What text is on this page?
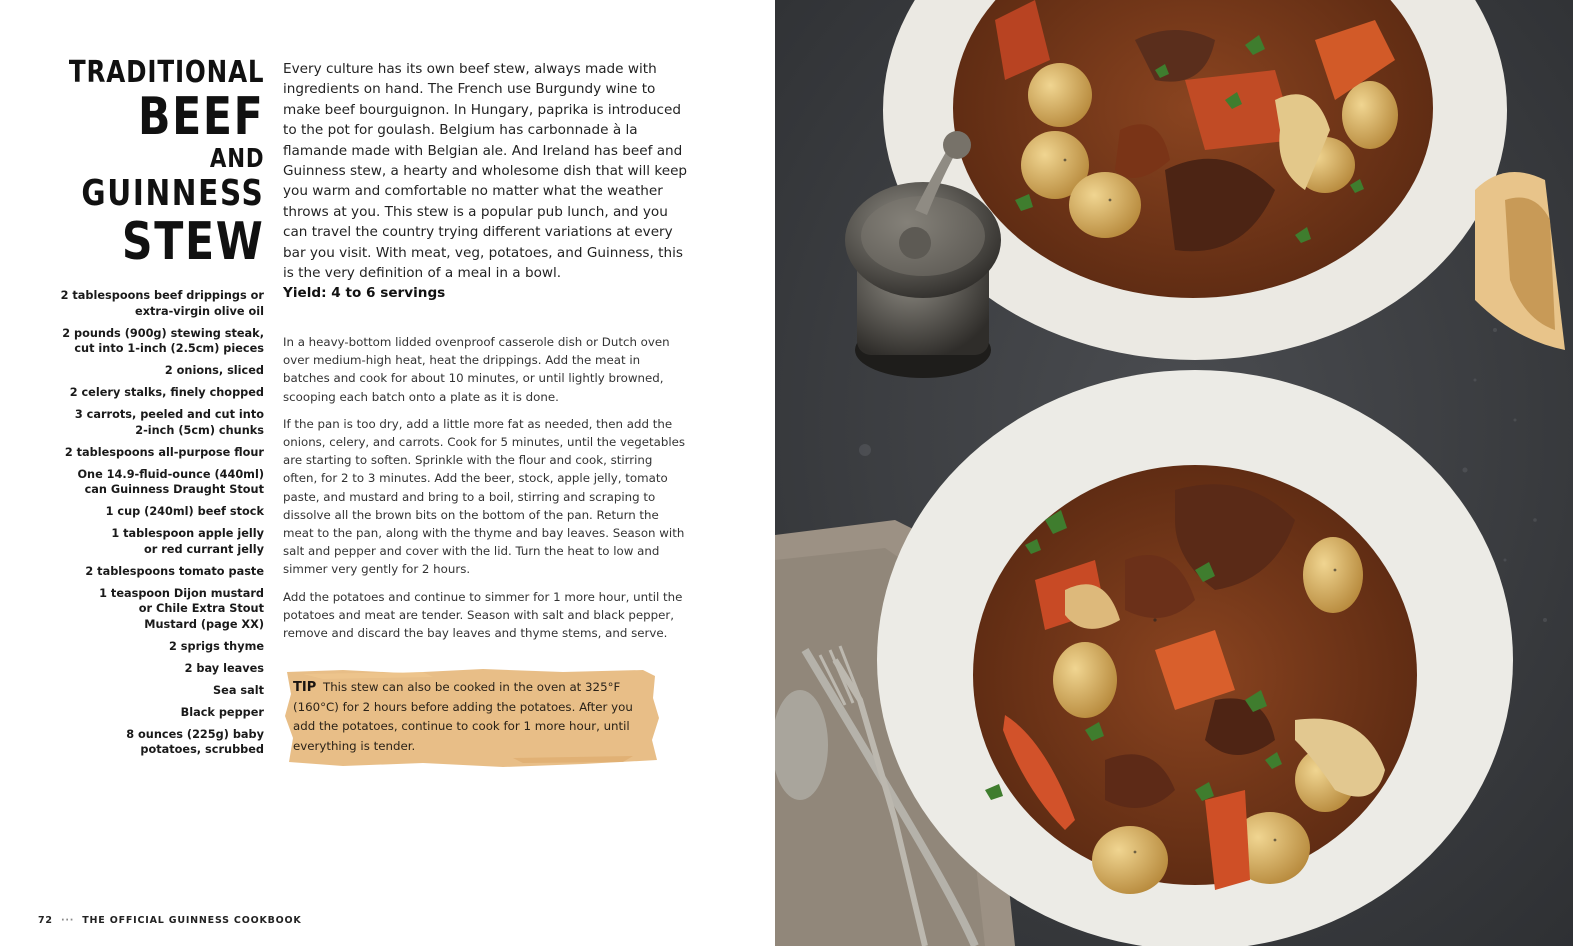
TRADITIONAL
BEEF
AND
GUINNESS
STEW
Every culture has its own beef stew, always made with ingredients on hand. The French use Burgundy wine to make beef bourguignon. In Hungary, paprika is introduced to the pot for goulash. Belgium has carbonnade à la flamande made with Belgian ale. And Ireland has beef and Guinness stew, a hearty and wholesome dish that will keep you warm and comfortable no matter what the weather throws at you. This stew is a popular pub lunch, and you can travel the country trying different variations at every bar you visit. With meat, veg, potatoes, and Guinness, this is the very definition of a meal in a bowl.
Yield: 4 to 6 servings
2 tablespoons beef drippings or
extra-virgin olive oil
2 pounds (900g) stewing steak,
cut into 1-inch (2.5cm) pieces
2 onions, sliced
2 celery stalks, finely chopped
3 carrots, peeled and cut into
2-inch (5cm) chunks
2 tablespoons all-purpose flour
One 14.9-fluid-ounce (440ml)
can Guinness Draught Stout
1 cup (240ml) beef stock
1 tablespoon apple jelly
or red currant jelly
2 tablespoons tomato paste
1 teaspoon Dijon mustard
or Chile Extra Stout
Mustard (page XX)
2 sprigs thyme
2 bay leaves
Sea salt
Black pepper
8 ounces (225g) baby
potatoes, scrubbed

In a heavy-bottom lidded ovenproof casserole dish or Dutch oven over medium-high heat, heat the drippings. Add the meat in batches and cook for about 10 minutes, or until lightly browned, scooping each batch onto a plate as it is done.

If the pan is too dry, add a little more fat as needed, then add the onions, celery, and carrots. Cook for 5 minutes, until the vegetables are starting to soften. Sprinkle with the flour and cook, stirring often, for 2 to 3 minutes. Add the beer, stock, apple jelly, tomato paste, and mustard and bring to a boil, stirring and scraping to dissolve all the brown bits on the bottom of the pan. Return the meat to the pan, along with the thyme and bay leaves. Season with salt and pepper and cover with the lid. Turn the heat to low and simmer very gently for 2 hours.

Add the potatoes and continue to simmer for 1 more hour, until the potatoes and meat are tender. Season with salt and black pepper, remove and discard the bay leaves and thyme stems, and serve.

TIP This stew can also be cooked in the oven at 325°F (160°C) for 2 hours before adding the potatoes. After you add the potatoes, continue to cook for 1 more hour, until everything is tender.
72 ··· THE OFFICIAL GUINNESS COOKBOOK
